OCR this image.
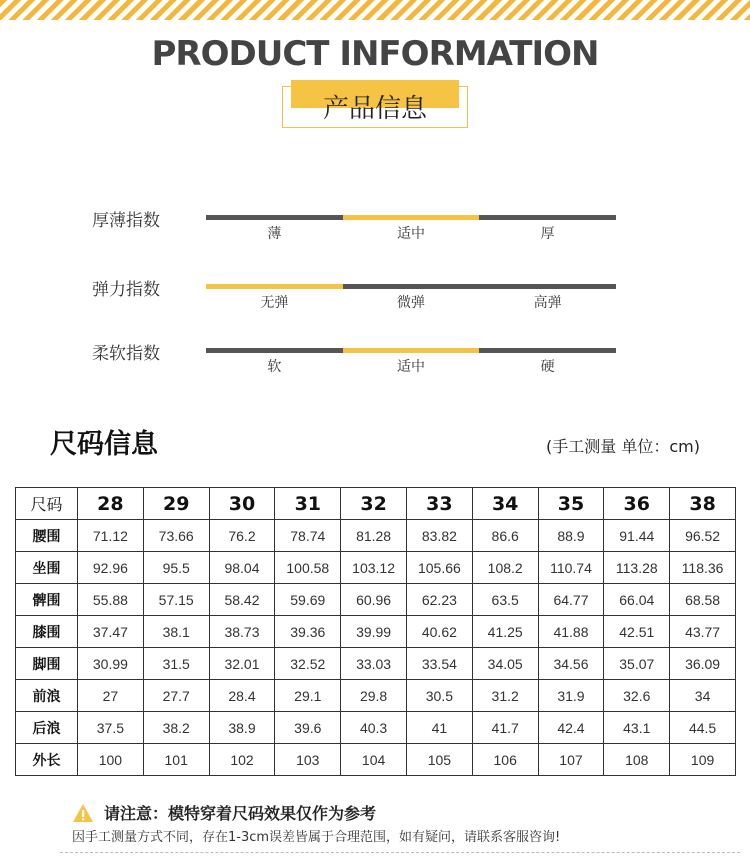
PRODUCT INFORMATION
产品信息
厚薄指数
薄	适中	厚
弹力指数
无弹	微弹	高弹
柔软指数
软	适中	硬
尺码信息	(手工测量 单位：cm)
尺码	28	29	30	31	32	33	34	35	36	38
腰围	71.12	73.66	76.2	78.74	81.28	83.82	86.6	88.9	91.44	96.52
坐围	92.96	95.5	98.04	100.58	103.12	105.66	108.2	110.74	113.28	118.36
髀围	55.88	57.15	58.42	59.69	60.96	62.23	63.5	64.77	66.04	68.58
膝围	37.47	38.1	38.73	39.36	39.99	40.62	41.25	41.88	42.51	43.77
脚围	30.99	31.5	32.01	32.52	33.03	33.54	34.05	34.56	35.07	36.09
前浪	27	27.7	28.4	29.1	29.8	30.5	31.2	31.9	32.6	34
后浪	37.5	38.2	38.9	39.6	40.3	41	41.7	42.4	43.1	44.5
外长	100	101	102	103	104	105	106	107	108	109
请注意：模特穿着尺码效果仅作为参考
因手工测量方式不同，存在1-3cm误差皆属于合理范围，如有疑问，请联系客服咨询!
